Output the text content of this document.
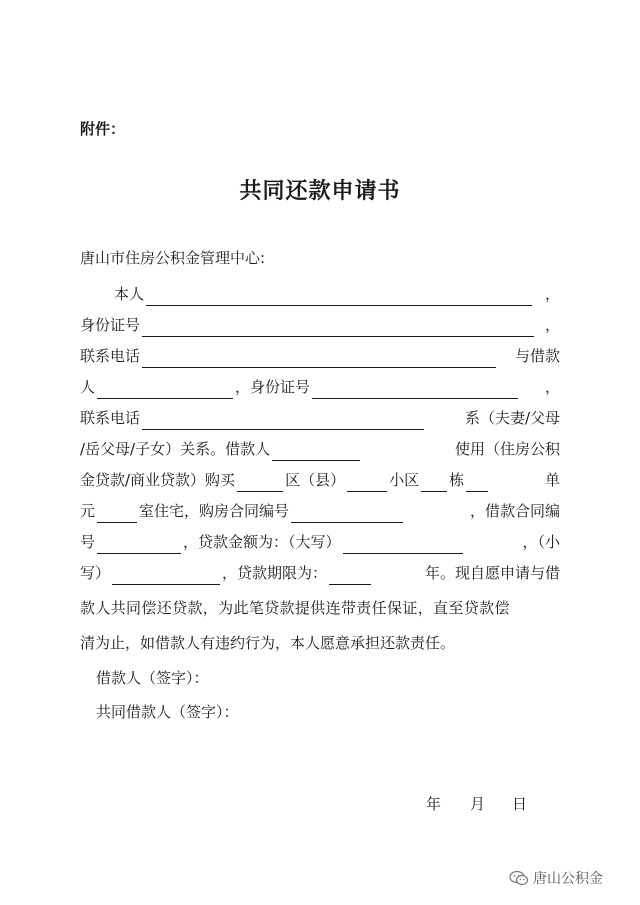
附件：
共同还款申请书
唐山市住房公积金管理中心:
本人	，
身份证号	，
联系电话	与借款
人	，身份证号	，
联系电话	系（夫妻/父母
/岳父母/子女）关系。借款人	使用（住房公积
金贷款/商业贷款）购买	区（县）	小区 栋	单
元	室住宅，购房合同编号	，借款合同编
号	，贷款金额为：（大写）	，（小
写）	，贷款期限为：	年。现自愿申请与借
款人共同偿还贷款，为此笔贷款提供连带责任保证，直至贷款偿
清为止，如借款人有违约行为，本人愿意承担还款责任。
借款人（签字）：
共同借款人（签字）：
年 月 日
唐山公积金
